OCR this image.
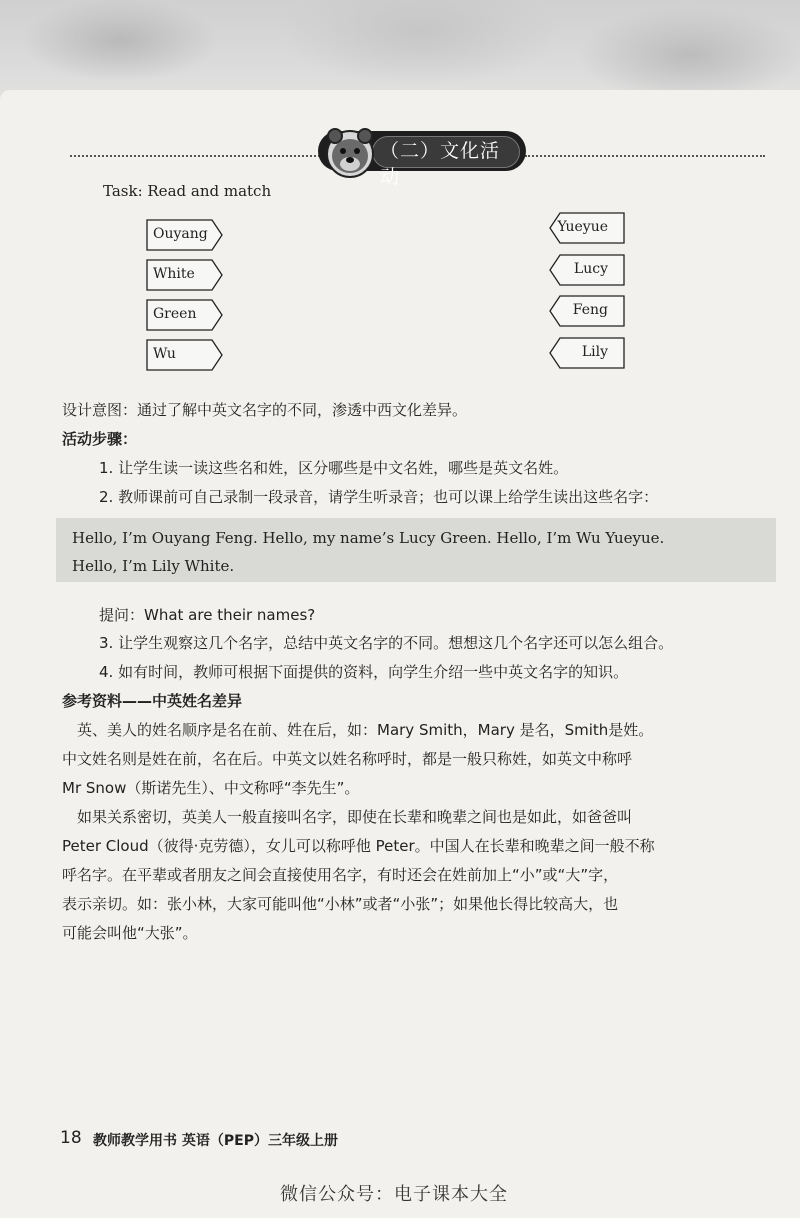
（二）文化活动
Task: Read and match
Ouyang
White
Green
Wu
Yueyue
Lucy
Feng
Lily
设计意图：通过了解中英文名字的不同，渗透中西文化差异。
活动步骤：
1. 让学生读一读这些名和姓，区分哪些是中文名姓，哪些是英文名姓。
2. 教师课前可自己录制一段录音，请学生听录音；也可以课上给学生读出这些名字：
Hello, I’m Ouyang Feng. Hello, my name’s Lucy Green. Hello, I’m Wu Yueyue.
Hello, I’m Lily White.
提问：What are their names?
3. 让学生观察这几个名字，总结中英文名字的不同。想想这几个名字还可以怎么组合。
4. 如有时间，教师可根据下面提供的资料，向学生介绍一些中英文名字的知识。
参考资料——中英姓名差异
　英、美人的姓名顺序是名在前、姓在后，如：Mary Smith，Mary 是名，Smith是姓。
中文姓名则是姓在前，名在后。中英文以姓名称呼时，都是一般只称姓，如英文中称呼
Mr Snow（斯诺先生）、中文称呼“李先生”。
　如果关系密切，英美人一般直接叫名字，即使在长辈和晚辈之间也是如此，如爸爸叫
Peter Cloud（彼得·克劳德），女儿可以称呼他 Peter。中国人在长辈和晚辈之间一般不称
呼名字。在平辈或者朋友之间会直接使用名字，有时还会在姓前加上“小”或“大”字，
表示亲切。如：张小林，大家可能叫他“小林”或者“小张”；如果他长得比较高大，也
可能会叫他“大张”。
18 教师教学用书 英语（PEP）三年级上册
微信公众号：电子课本大全
